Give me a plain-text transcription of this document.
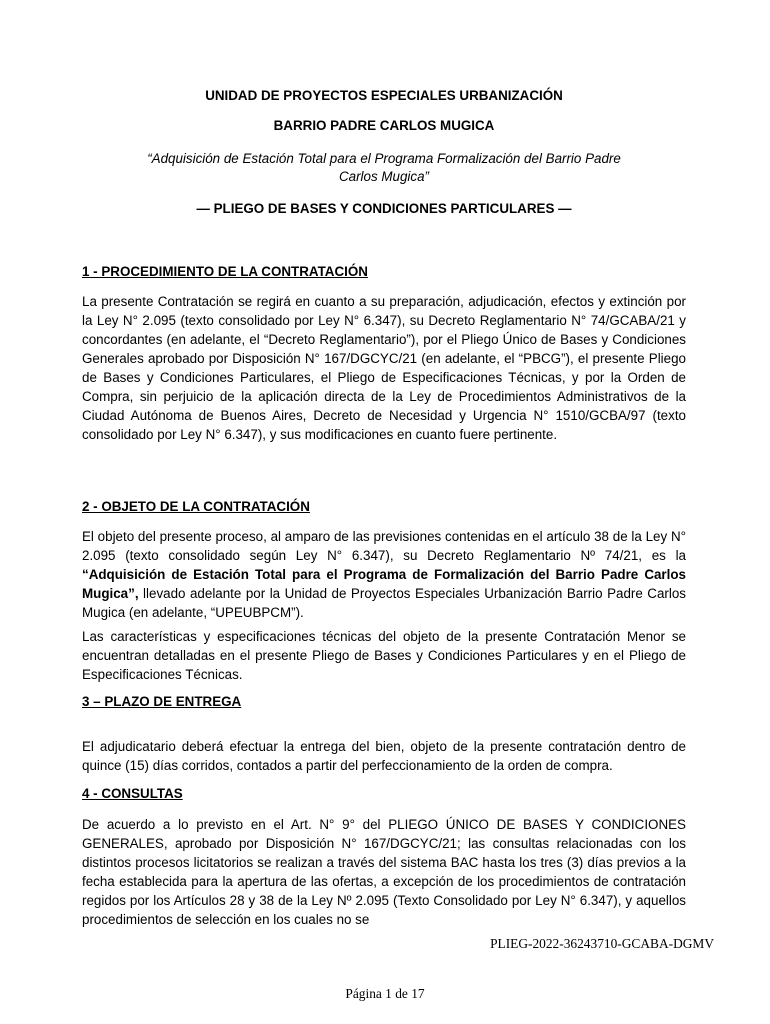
UNIDAD DE PROYECTOS ESPECIALES URBANIZACIÓN
BARRIO PADRE CARLOS MUGICA
“Adquisición de Estación Total para el Programa Formalización del Barrio Padre
Carlos Mugica”
— PLIEGO DE BASES Y CONDICIONES PARTICULARES —
1 - PROCEDIMIENTO DE LA CONTRATACIÓN

La presente Contratación se regirá en cuanto a su preparación, adjudicación, efectos y extinción por la Ley N° 2.095 (texto consolidado por Ley N° 6.347), su Decreto Reglamentario N° 74/GCABA/21 y concordantes (en adelante, el “Decreto Reglamentario”), por el Pliego Único de Bases y Condiciones Generales aprobado por Disposición N° 167/DGCYC/21 (en adelante, el “PBCG”), el presente Pliego de Bases y Condiciones Particulares, el Pliego de Especificaciones Técnicas, y por la Orden de Compra, sin perjuicio de la aplicación directa de la Ley de Procedimientos Administrativos de la Ciudad Autónoma de Buenos Aires, Decreto de Necesidad y Urgencia N° 1510/GCBA/97 (texto consolidado por Ley N° 6.347), y sus modificaciones en cuanto fuere pertinente.

2 - OBJETO DE LA CONTRATACIÓN

El objeto del presente proceso, al amparo de las previsiones contenidas en el artículo 38 de la Ley N° 2.095 (texto consolidado según Ley N° 6.347), su Decreto Reglamentario Nº 74/21, es la “Adquisición de Estación Total para el Programa de Formalización del Barrio Padre Carlos Mugica”, llevado adelante por la Unidad de Proyectos Especiales Urbanización Barrio Padre Carlos Mugica (en adelante, “UPEUBPCM”).

Las características y especificaciones técnicas del objeto de la presente Contratación Menor se encuentran detalladas en el presente Pliego de Bases y Condiciones Particulares y en el Pliego de Especificaciones Técnicas.

3 – PLAZO DE ENTREGA

El adjudicatario deberá efectuar la entrega del bien, objeto de la presente contratación dentro de quince (15) días corridos, contados a partir del perfeccionamiento de la orden de compra.

4 - CONSULTAS

De acuerdo a lo previsto en el Art. N° 9° del PLIEGO ÚNICO DE BASES Y CONDICIONES GENERALES, aprobado por Disposición N° 167/DGCYC/21; las consultas relacionadas con los distintos procesos licitatorios se realizan a través del sistema BAC hasta los tres (3) días previos a la fecha establecida para la apertura de las ofertas, a excepción de los procedimientos de contratación regidos por los Artículos 28 y 38 de la Ley Nº 2.095 (Texto Consolidado por Ley N° 6.347), y aquellos procedimientos de selección en los cuales no se

PLIEG-2022-36243710-GCABA-DGMV
Página 1 de 17
